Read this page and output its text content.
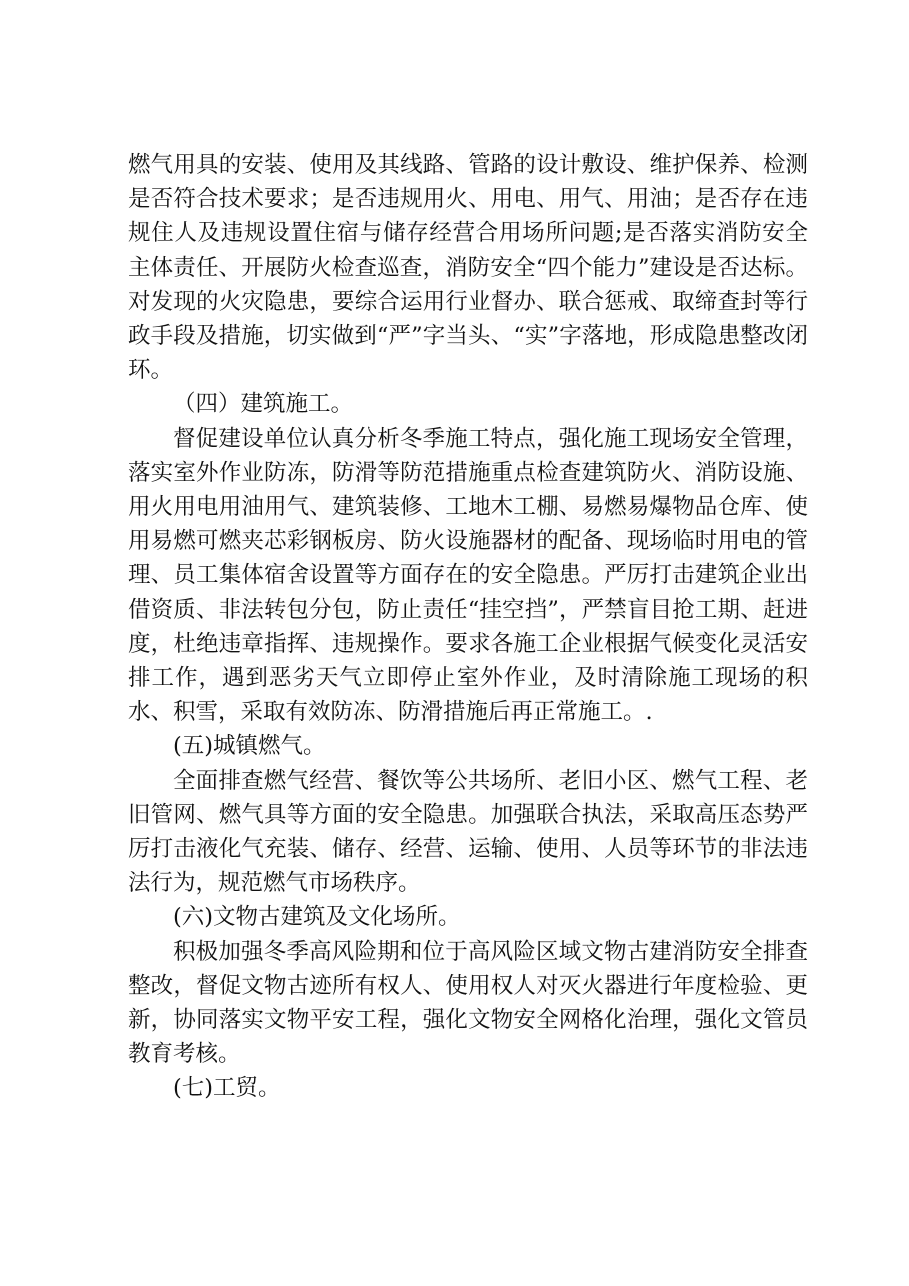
燃气用具的安装、使用及其线路、管路的设计敷设、维护保养、检测是否符合技术要求；是否违规用火、用电、用气、用油；是否存在违规住人及违规设置住宿与储存经营合用场所问题;是否落实消防安全主体责任、开展防火检查巡查，消防安全“四个能力”建设是否达标。对发现的火灾隐患，要综合运用行业督办、联合惩戒、取缔查封等行政手段及措施，切实做到“严”字当头、“实”字落地，形成隐患整改闭环。

（四）建筑施工。

督促建设单位认真分析冬季施工特点，强化施工现场安全管理，落实室外作业防冻，防滑等防范措施重点检查建筑防火、消防设施、用火用电用油用气、建筑装修、工地木工棚、易燃易爆物品仓库、使用易燃可燃夹芯彩钢板房、防火设施器材的配备、现场临时用电的管理、员工集体宿舍设置等方面存在的安全隐患。严厉打击建筑企业出借资质、非法转包分包，防止责任“挂空挡”，严禁盲目抢工期、赶进度，杜绝违章指挥、违规操作。要求各施工企业根据气候变化灵活安排工作，遇到恶劣天气立即停止室外作业，及时清除施工现场的积水、积雪，采取有效防冻、防滑措施后再正常施工。.

(五)城镇燃气。

全面排查燃气经营、餐饮等公共场所、老旧小区、燃气工程、老旧管网、燃气具等方面的安全隐患。加强联合执法，采取高压态势严厉打击液化气充装、储存、经营、运输、使用、人员等环节的非法违法行为，规范燃气市场秩序。

(六)文物古建筑及文化场所。

积极加强冬季高风险期和位于高风险区域文物古建消防安全排查整改，督促文物古迹所有权人、使用权人对灭火器进行年度检验、更新，协同落实文物平安工程，强化文物安全网格化治理，强化文管员教育考核。

(七)工贸。
